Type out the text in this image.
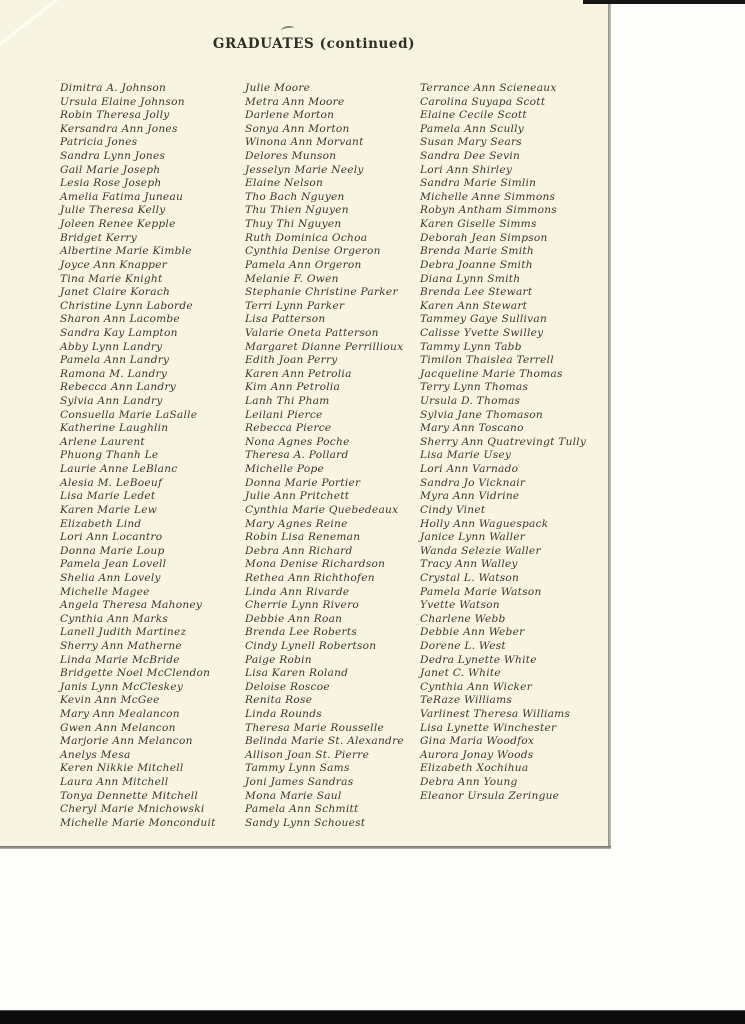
GRADUATES (continued)
Dimitra A. Johnson
Ursula Elaine Johnson
Robin Theresa Jolly
Kersandra Ann Jones
Patricia Jones
Sandra Lynn Jones
Gail Marie Joseph
Lesia Rose Joseph
Amelia Fatima Juneau
Julie Theresa Kelly
Joleen Renee Kepple
Bridget Kerry
Albertine Marie Kimble
Joyce Ann Knapper
Tina Marie Knight
Janet Claire Korach
Christine Lynn Laborde
Sharon Ann Lacombe
Sandra Kay Lampton
Abby Lynn Landry
Pamela Ann Landry
Ramona M. Landry
Rebecca Ann Landry
Sylvia Ann Landry
Consuella Marie LaSalle
Katherine Laughlin
Arlene Laurent
Phuong Thanh Le
Laurie Anne LeBlanc
Alesia M. LeBoeuf
Lisa Marie Ledet
Karen Marie Lew
Elizabeth Lind
Lori Ann Locantro
Donna Marie Loup
Pamela Jean Lovell
Shelia Ann Lovely
Michelle Magee
Angela Theresa Mahoney
Cynthia Ann Marks
Lanell Judith Martinez
Sherry Ann Matherne
Linda Marie McBride
Bridgette Noel McClendon
Janis Lynn McCleskey
Kevin Ann McGee
Mary Ann Mealancon
Gwen Ann Melancon
Marjorie Ann Melancon
Anelys Mesa
Keren Nikkie Mitchell
Laura Ann Mitchell
Tonya Dennette Mitchell
Cheryl Marie Mnichowski
Michelle Marie Monconduit
Julie Moore
Metra Ann Moore
Darlene Morton
Sonya Ann Morton
Winona Ann Morvant
Delores Munson
Jesselyn Marie Neely
Elaine Nelson
Tho Bach Nguyen
Thu Thien Nguyen
Thuy Thi Nguyen
Ruth Dominica Ochoa
Cynthia Denise Orgeron
Pamela Ann Orgeron
Melanie F. Owen
Stephanie Christine Parker
Terri Lynn Parker
Lisa Patterson
Valarie Oneta Patterson
Margaret Dianne Perrillioux
Edith Joan Perry
Karen Ann Petrolia
Kim Ann Petrolia
Lanh Thi Pham
Leilani Pierce
Rebecca Pierce
Nona Agnes Poche
Theresa A. Pollard
Michelle Pope
Donna Marie Portier
Julie Ann Pritchett
Cynthia Marie Quebedeaux
Mary Agnes Reine
Robin Lisa Reneman
Debra Ann Richard
Mona Denise Richardson
Rethea Ann Richthofen
Linda Ann Rivarde
Cherrie Lynn Rivero
Debbie Ann Roan
Brenda Lee Roberts
Cindy Lynell Robertson
Paige Robin
Lisa Karen Roland
Deloise Roscoe
Renita Rose
Linda Rounds
Theresa Marie Rousselle
Belinda Marie St. Alexandre
Allison Joan St. Pierre
Tammy Lynn Sams
Joni James Sandras
Mona Marie Saul
Pamela Ann Schmitt
Sandy Lynn Schouest
Terrance Ann Scieneaux
Carolina Suyapa Scott
Elaine Cecile Scott
Pamela Ann Scully
Susan Mary Sears
Sandra Dee Sevin
Lori Ann Shirley
Sandra Marie Simlin
Michelle Anne Simmons
Robyn Antham Simmons
Karen Giselle Simms
Deborah Jean Simpson
Brenda Marie Smith
Debra Joanne Smith
Diana Lynn Smith
Brenda Lee Stewart
Karen Ann Stewart
Tammey Gaye Sullivan
Calisse Yvette Swilley
Tammy Lynn Tabb
Timilon Thaislea Terrell
Jacqueline Marie Thomas
Terry Lynn Thomas
Ursula D. Thomas
Sylvia Jane Thomason
Mary Ann Toscano
Sherry Ann Quatrevingt Tully
Lisa Marie Usey
Lori Ann Varnado
Sandra Jo Vicknair
Myra Ann Vidrine
Cindy Vinet
Holly Ann Waguespack
Janice Lynn Waller
Wanda Selezie Waller
Tracy Ann Walley
Crystal L. Watson
Pamela Marie Watson
Yvette Watson
Charlene Webb
Debbie Ann Weber
Dorene L. West
Dedra Lynette White
Janet C. White
Cynthia Ann Wicker
TeRaze Williams
Varlinest Theresa Williams
Lisa Lynette Winchester
Gina Maria Woodfox
Aurora Jonay Woods
Elizabeth Xochihua
Debra Ann Young
Eleanor Ursula Zeringue
